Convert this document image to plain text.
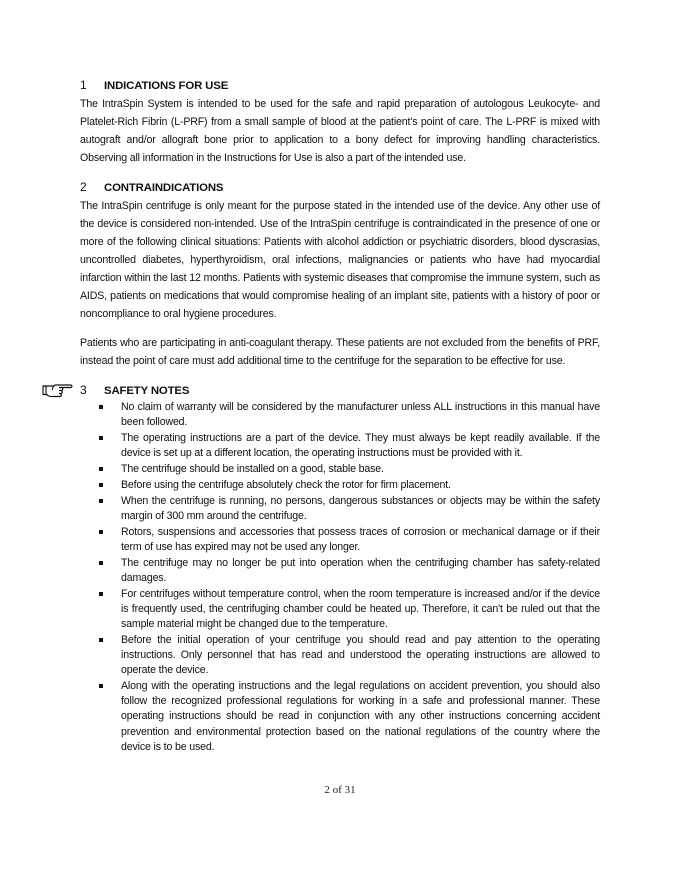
1 INDICATIONS FOR USE

The IntraSpin System is intended to be used for the safe and rapid preparation of autologous Leukocyte- and Platelet-Rich Fibrin (L-PRF) from a small sample of blood at the patient's point of care. The L-PRF is mixed with autograft and/or allograft bone prior to application to a bony defect for improving handling characteristics. Observing all information in the Instructions for Use is also a part of the intended use.

2 CONTRAINDICATIONS

The IntraSpin centrifuge is only meant for the purpose stated in the intended use of the device. Any other use of the device is considered non-intended. Use of the IntraSpin centrifuge is contraindicated in the presence of one or more of the following clinical situations: Patients with alcohol addiction or psychiatric disorders, blood dyscrasias, uncontrolled diabetes, hyperthyroidism, oral infections, malignancies or patients who have had myocardial infarction within the last 12 months. Patients with systemic diseases that compromise the immune system, such as AIDS, patients on medications that would compromise healing of an implant site, patients with a history of poor or noncompliance to oral hygiene procedures.

Patients who are participating in anti-coagulant therapy. These patients are not excluded from the benefits of PRF, instead the point of care must add additional time to the centrifuge for the separation to be effective for use.

3 SAFETY NOTES
No claim of warranty will be considered by the manufacturer unless ALL instructions in this manual have been followed.
The operating instructions are a part of the device. They must always be kept readily available. If the device is set up at a different location, the operating instructions must be provided with it.
The centrifuge should be installed on a good, stable base.
Before using the centrifuge absolutely check the rotor for firm placement.
When the centrifuge is running, no persons, dangerous substances or objects may be within the safety margin of 300 mm around the centrifuge.
Rotors, suspensions and accessories that possess traces of corrosion or mechanical damage or if their term of use has expired may not be used any longer.
The centrifuge may no longer be put into operation when the centrifuging chamber has safety-related damages.
For centrifuges without temperature control, when the room temperature is increased and/or if the device is frequently used, the centrifuging chamber could be heated up. Therefore, it can't be ruled out that the sample material might be changed due to the temperature.
Before the initial operation of your centrifuge you should read and pay attention to the operating instructions. Only personnel that has read and understood the operating instructions are allowed to operate the device.
Along with the operating instructions and the legal regulations on accident prevention, you should also follow the recognized professional regulations for working in a safe and professional manner. These operating instructions should be read in conjunction with any other instructions concerning accident prevention and environmental protection based on the national regulations of the country where the device is to be used.
2 of 31
